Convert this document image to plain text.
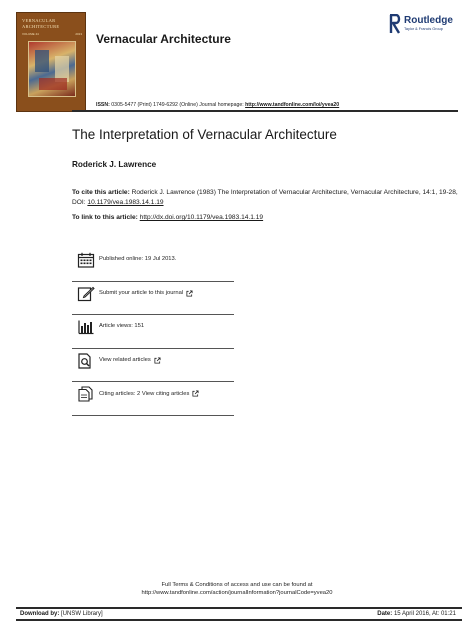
VERNACULAR
ARCHITECTURE
VOLUME 44	2013 Vernacular Architecture
Routledge
Taylor & Francis Group
ISSN: 0305-5477 (Print) 1749-6292 (Online) Journal homepage: http://www.tandfonline.com/loi/yvea20
The Interpretation of Vernacular Architecture
Roderick J. Lawrence
To cite this article: Roderick J. Lawrence (1983) The Interpretation of Vernacular Architecture, Vernacular Architecture, 14:1, 19-28, DOI: 10.1179/vea.1983.14.1.19
To link to this article: http://dx.doi.org/10.1179/vea.1983.14.1.19
Published online: 19 Jul 2013.
Submit your article to this journal
Article views: 151
View related articles
Citing articles: 2 View citing articles
Full Terms & Conditions of access and use can be found at
http://www.tandfonline.com/action/journalInformation?journalCode=yvea20
Download by: [UNSW Library]	Date: 15 April 2016, At: 01:21
